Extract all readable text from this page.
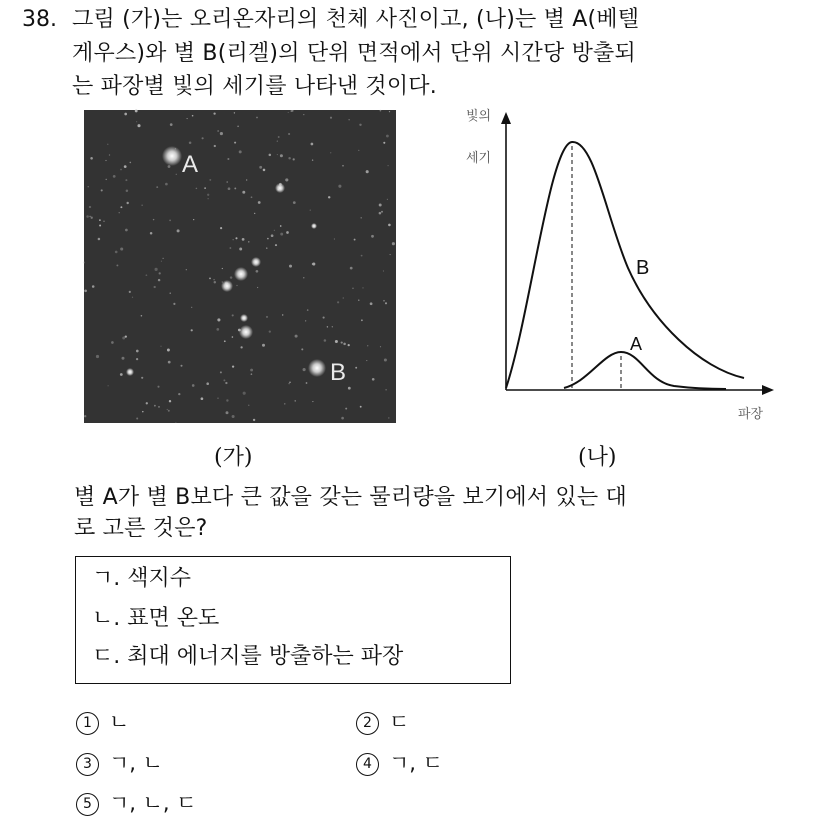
38. 그림 (가)는 오리온자리의 천체 사진이고, (나)는 별 A(베텔
게우스)와 별 B(리겔)의 단위 면적에서 단위 시간당 방출되
는 파장별 빛의 세기를 나타낸 것이다.
A
B
빛의
세기
파장
B
A
(가)	(나)
별 A가 별 B보다 큰 값을 갖는 물리량을 보기에서 있는 대
로 고른 것은?
ㄱ. 색지수
ㄴ. 표면 온도
ㄷ. 최대 에너지를 방출하는 파장
1 ㄴ	2 ㄷ
3 ㄱ, ㄴ	4 ㄱ, ㄷ
5 ㄱ, ㄴ, ㄷ
